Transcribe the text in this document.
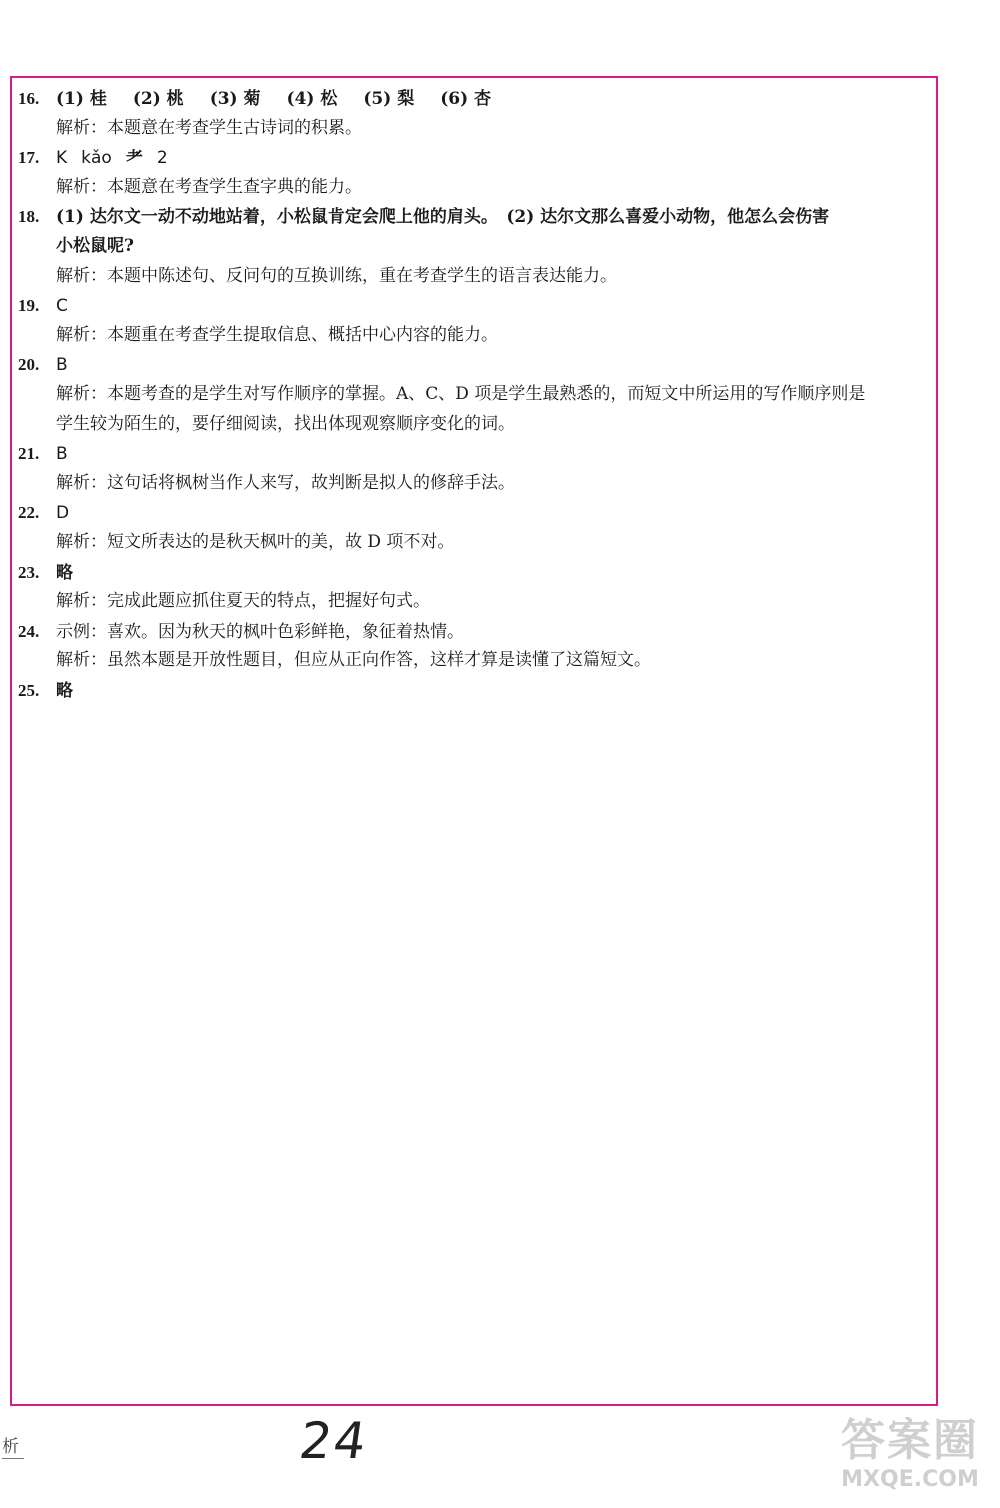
16. (1) 桂 (2) 桃 (3) 菊 (4) 松 (5) 梨 (6) 杏
解析：本题意在考查学生古诗词的积累。
17. K kǎo 耂 2
解析：本题意在考查学生查字典的能力。
18. (1) 达尔文一动不动地站着，小松鼠肯定会爬上他的肩头。　(2) 达尔文那么喜爱小动物，他怎么会伤害
小松鼠呢?
解析：本题中陈述句、反问句的互换训练，重在考查学生的语言表达能力。
19. C
解析：本题重在考查学生提取信息、概括中心内容的能力。
20. B
解析：本题考查的是学生对写作顺序的掌握。A、C、D 项是学生最熟悉的，而短文中所运用的写作顺序则是
学生较为陌生的，要仔细阅读，找出体现观察顺序变化的词。
21. B
解析：这句话将枫树当作人来写，故判断是拟人的修辞手法。
22. D
解析：短文所表达的是秋天枫叶的美，故 D 项不对。
23. 略
解析：完成此题应抓住夏天的特点，把握好句式。
24. 示例：喜欢。因为秋天的枫叶色彩鲜艳，象征着热情。
解析：虽然本题是开放性题目，但应从正向作答，这样才算是读懂了这篇短文。
25. 略
析	24	答案圈
MXQE.COM
